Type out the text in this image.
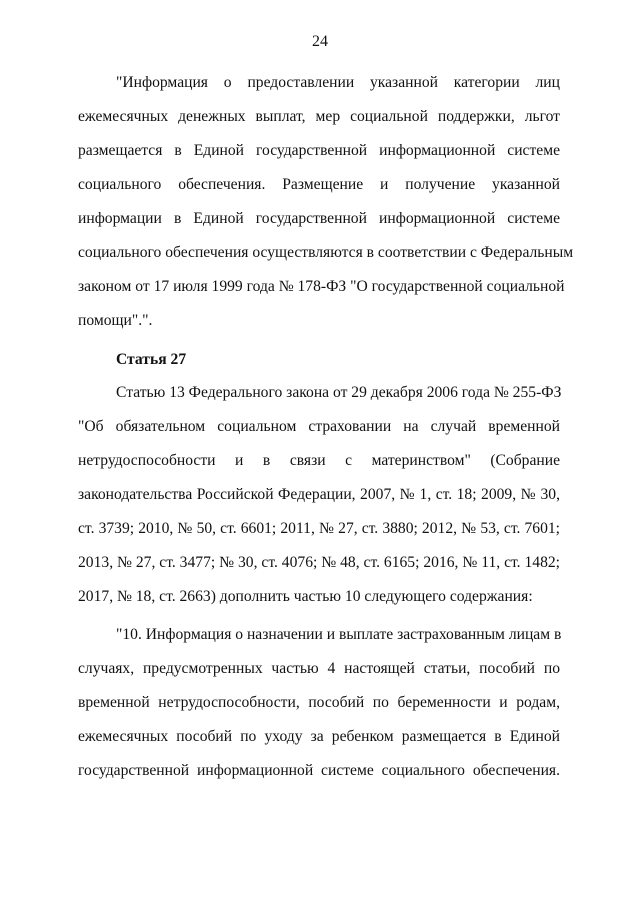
24
"Информация о предоставлении указанной категории лиц
ежемесячных денежных выплат, мер социальной поддержки, льгот
размещается в Единой государственной информационной системе
социального обеспечения. Размещение и получение указанной
информации в Единой государственной информационной системе
социального обеспечения осуществляются в соответствии с Федеральным
законом от 17 июля 1999 года № 178-ФЗ "О государственной социальной
помощи".".
Статья 27
Статью 13 Федерального закона от 29 декабря 2006 года № 255-ФЗ
"Об обязательном социальном страховании на случай временной
нетрудоспособности и в связи с материнством" (Собрание
законодательства Российской Федерации, 2007, № 1, ст. 18; 2009, № 30,
ст. 3739; 2010, № 50, ст. 6601; 2011, № 27, ст. 3880; 2012, № 53, ст. 7601;
2013, № 27, ст. 3477; № 30, ст. 4076; № 48, ст. 6165; 2016, № 11, ст. 1482;
2017, № 18, ст. 2663) дополнить частью 10 следующего содержания:
"10. Информация о назначении и выплате застрахованным лицам в
случаях, предусмотренных частью 4 настоящей статьи, пособий по
временной нетрудоспособности, пособий по беременности и родам,
ежемесячных пособий по уходу за ребенком размещается в Единой
государственной информационной системе социального обеспечения.
